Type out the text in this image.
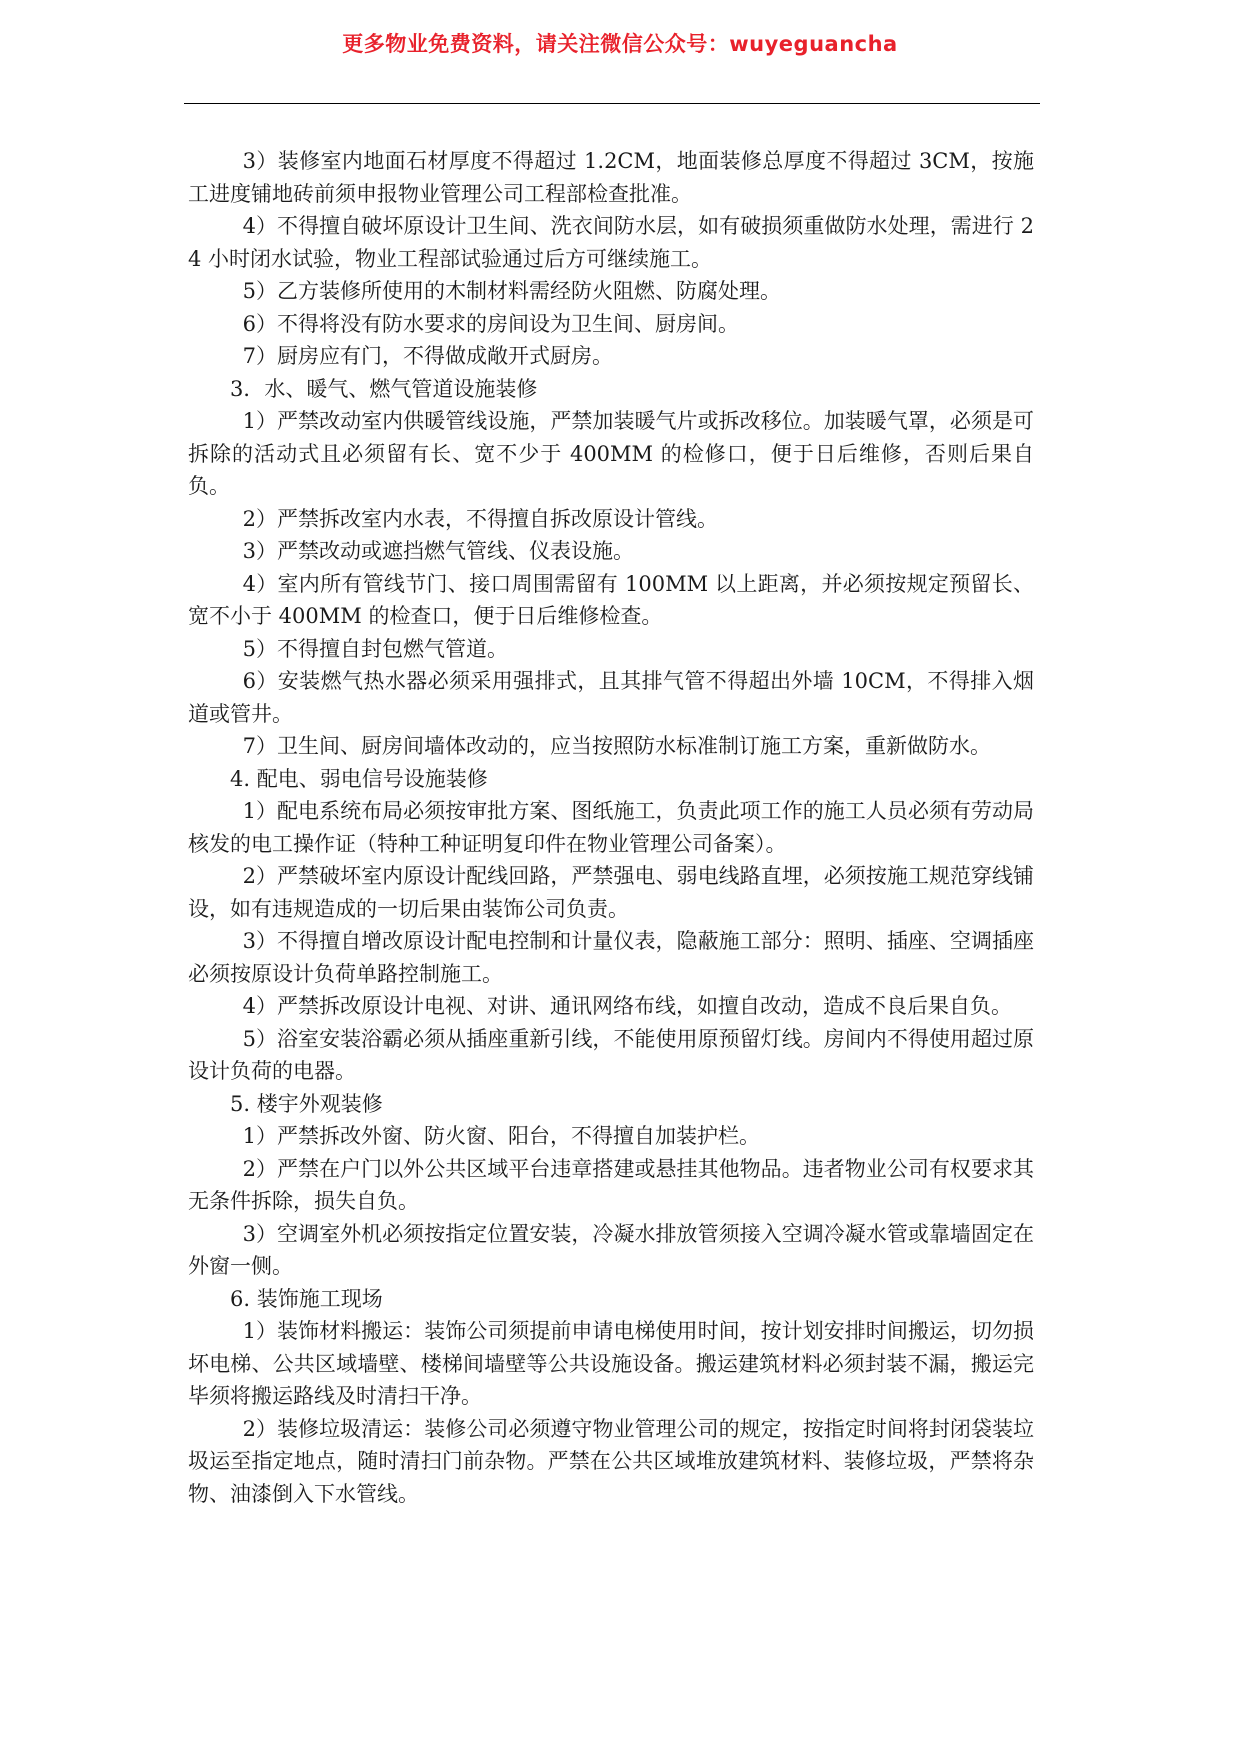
更多物业免费资料，请关注微信公众号：wuyeguancha

3）装修室内地面石材厚度不得超过 1.2CM，地面装修总厚度不得超过 3CM，按施工进度铺地砖前须申报物业管理公司工程部检查批准。

4）不得擅自破坏原设计卫生间、洗衣间防水层，如有破损须重做防水处理，需进行 24 小时闭水试验，物业工程部试验通过后方可继续施工。

5）乙方装修所使用的木制材料需经防火阻燃、防腐处理。

6）不得将没有防水要求的房间设为卫生间、厨房间。

7）厨房应有门，不得做成敞开式厨房。

3．水、暖气、燃气管道设施装修

1）严禁改动室内供暖管线设施，严禁加装暖气片或拆改移位。加装暖气罩，必须是可拆除的活动式且必须留有长、宽不少于 400MM 的检修口，便于日后维修，否则后果自负。

2）严禁拆改室内水表，不得擅自拆改原设计管线。

3）严禁改动或遮挡燃气管线、仪表设施。

4）室内所有管线节门、接口周围需留有 100MM 以上距离，并必须按规定预留长、宽不小于 400MM 的检查口，便于日后维修检查。

5）不得擅自封包燃气管道。

6）安装燃气热水器必须采用强排式，且其排气管不得超出外墙 10CM，不得排入烟道或管井。

7）卫生间、厨房间墙体改动的，应当按照防水标准制订施工方案，重新做防水。

4. 配电、弱电信号设施装修

1）配电系统布局必须按审批方案、图纸施工，负责此项工作的施工人员必须有劳动局核发的电工操作证（特种工种证明复印件在物业管理公司备案）。

2）严禁破坏室内原设计配线回路，严禁强电、弱电线路直埋，必须按施工规范穿线铺设，如有违规造成的一切后果由装饰公司负责。

3）不得擅自增改原设计配电控制和计量仪表，隐蔽施工部分：照明、插座、空调插座必须按原设计负荷单路控制施工。

4）严禁拆改原设计电视、对讲、通讯网络布线，如擅自改动，造成不良后果自负。

5）浴室安装浴霸必须从插座重新引线，不能使用原预留灯线。房间内不得使用超过原设计负荷的电器。

5. 楼宇外观装修

1）严禁拆改外窗、防火窗、阳台，不得擅自加装护栏。

2）严禁在户门以外公共区域平台违章搭建或悬挂其他物品。违者物业公司有权要求其无条件拆除，损失自负。

3）空调室外机必须按指定位置安装，冷凝水排放管须接入空调冷凝水管或靠墙固定在外窗一侧。

6. 装饰施工现场

1）装饰材料搬运：装饰公司须提前申请电梯使用时间，按计划安排时间搬运，切勿损坏电梯、公共区域墙壁、楼梯间墙壁等公共设施设备。搬运建筑材料必须封装不漏，搬运完毕须将搬运路线及时清扫干净。

2）装修垃圾清运：装修公司必须遵守物业管理公司的规定，按指定时间将封闭袋装垃圾运至指定地点，随时清扫门前杂物。严禁在公共区域堆放建筑材料、装修垃圾，严禁将杂物、油漆倒入下水管线。
